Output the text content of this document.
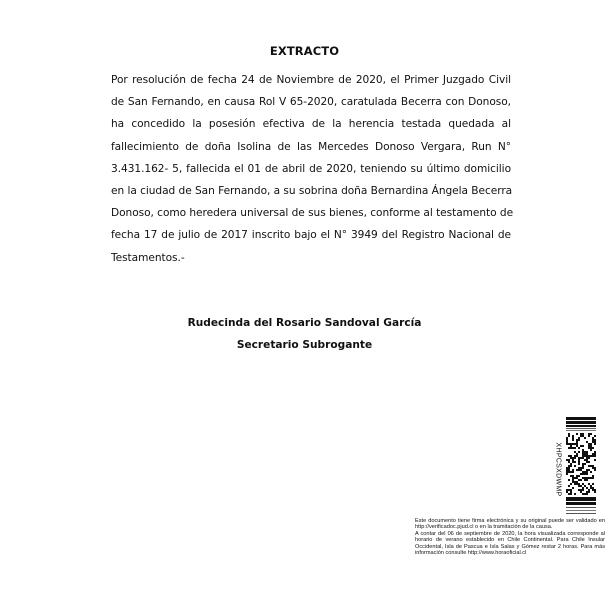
EXTRACTO
Por resolución de fecha 24 de Noviembre de 2020, el Primer Juzgado Civil
de San Fernando, en causa Rol V 65-2020, caratulada Becerra con Donoso,
ha concedido la posesión efectiva de la herencia testada quedada al
fallecimiento de doña Isolina de las Mercedes Donoso Vergara, Run N°
3.431.162- 5, fallecida el 01 de abril de 2020, teniendo su último domicilio
en la ciudad de San Fernando, a su sobrina doña Bernardina Ángela Becerra
Donoso, como heredera universal de sus bienes, conforme al testamento de
fecha 17 de julio de 2017 inscrito bajo el N° 3949 del Registro Nacional de
Testamentos.-
Rudecinda del Rosario Sandoval García
Secretario Subrogante
XHPCSXDWMP

Este documento tiene firma electrónica y su original puede ser validado en http://verificadoc.pjud.cl o en la tramitación de la causa.

A contar del 06 de septiembre de 2020, la hora visualizada corresponde al horario de verano establecido en Chile Continental. Para Chile Insular Occidental, Isla de Pascua e Isla Salas y Gómez restar 2 horas. Para más información consulte http://www.horaoficial.cl
